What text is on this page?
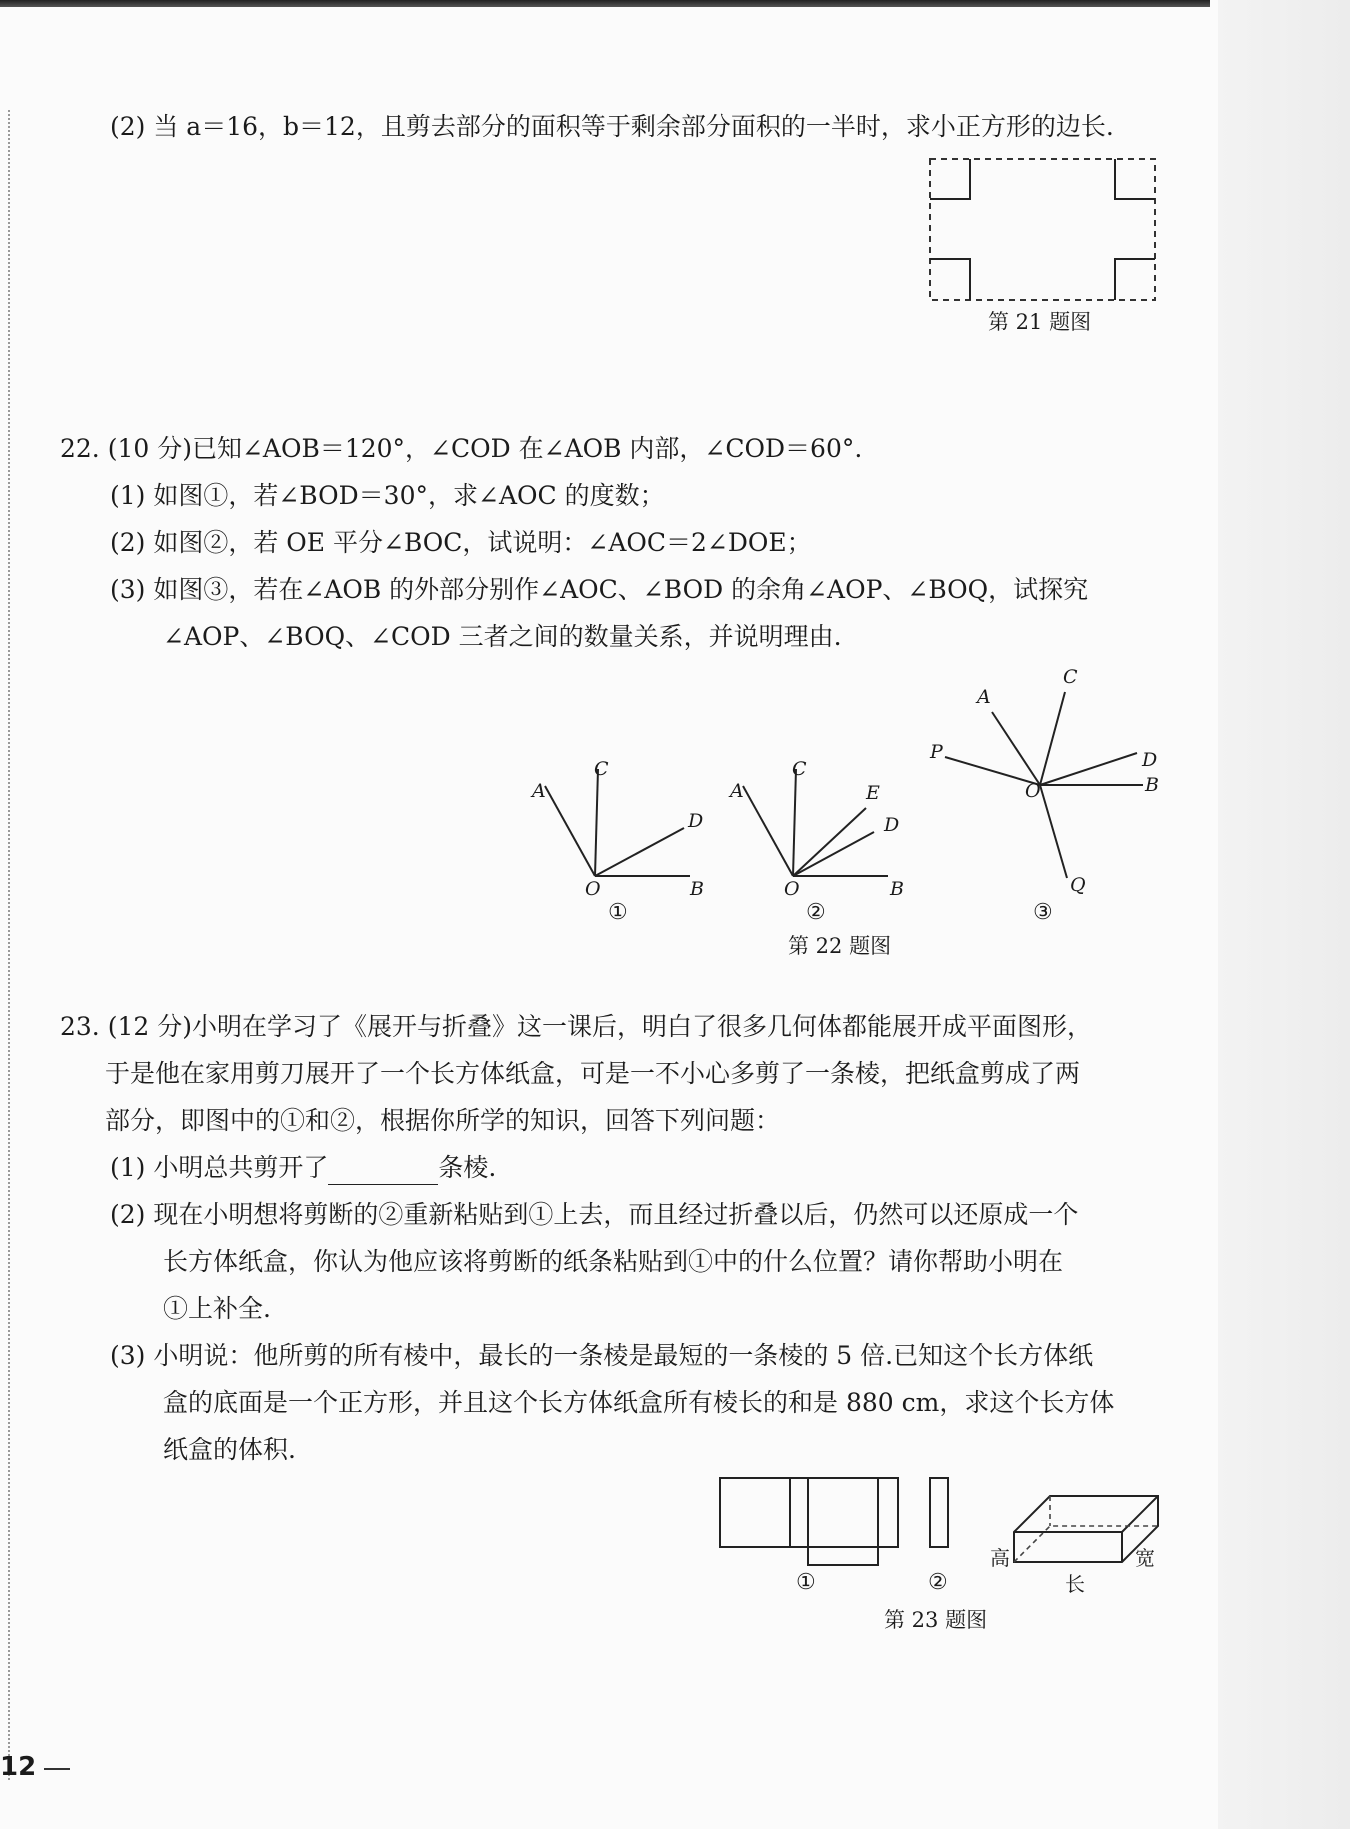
(2) 当 a＝16，b＝12，且剪去部分的面积等于剩余部分面积的一半时，求小正方形的边长.
第 21 题图
22. (10 分)已知∠AOB＝120°，∠COD 在∠AOB 内部，∠COD＝60°.
(1) 如图①，若∠BOD＝30°，求∠AOC 的度数；
(2) 如图②，若 OE 平分∠BOC，试说明：∠AOC＝2∠DOE；
(3) 如图③，若在∠AOB 的外部分别作∠AOC、∠BOD 的余角∠AOP、∠BOQ，试探究
∠AOP、∠BOQ、∠COD 三者之间的数量关系，并说明理由.
A
C
D
O	B
①
A
C
E
D
O	B
②
A
C
P	D
B
O
Q
③
第 22 题图
23. (12 分)小明在学习了《展开与折叠》这一课后，明白了很多几何体都能展开成平面图形，
于是他在家用剪刀展开了一个长方体纸盒，可是一不小心多剪了一条棱，把纸盒剪成了两
部分，即图中的①和②，根据你所学的知识，回答下列问题：
(1) 小明总共剪开了	条棱.
(2) 现在小明想将剪断的②重新粘贴到①上去，而且经过折叠以后，仍然可以还原成一个
长方体纸盒，你认为他应该将剪断的纸条粘贴到①中的什么位置？请你帮助小明在
①上补全.
(3) 小明说：他所剪的所有棱中，最长的一条棱是最短的一条棱的 5 倍.已知这个长方体纸
盒的底面是一个正方形，并且这个长方体纸盒所有棱长的和是 880 cm，求这个长方体
纸盒的体积.
①	②
高	宽
长
第 23 题图
12
